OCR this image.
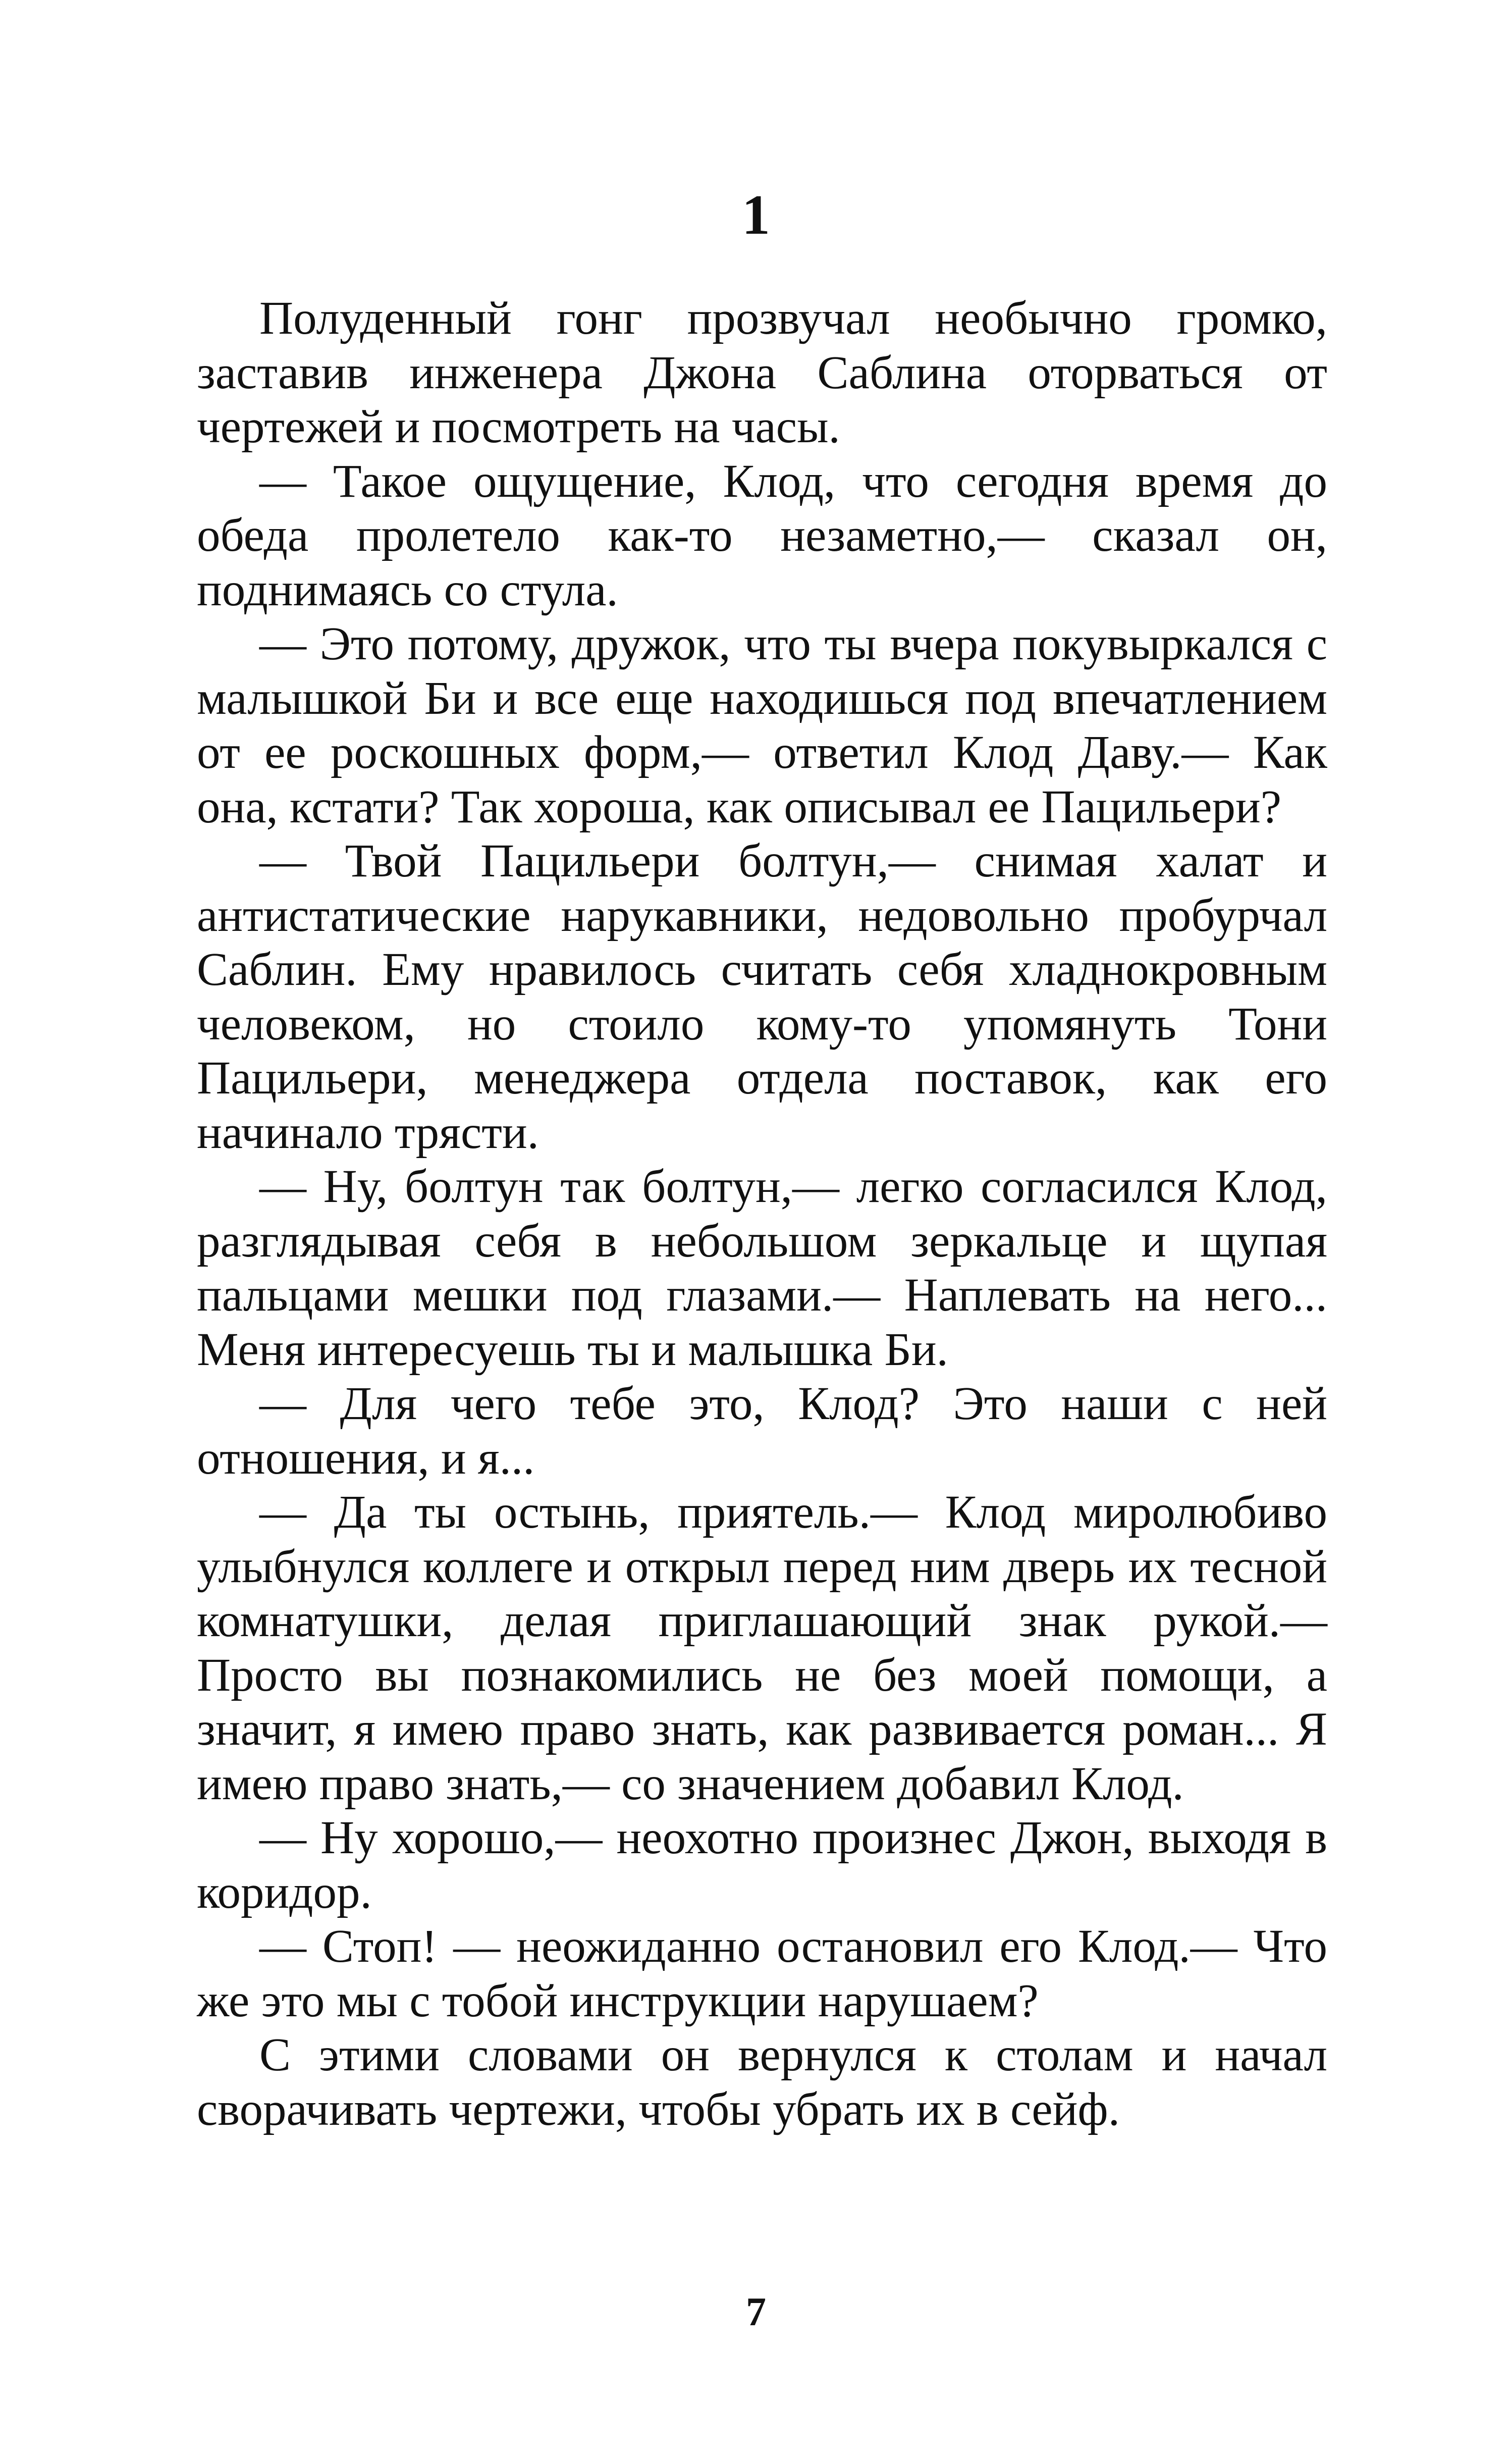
1

Полуденный гонг прозвучал необычно громко, заставив инженера Джона Саблина оторваться от чертежей и посмотреть на часы.

— Такое ощущение, Клод, что сегодня время до обеда пролетело как-то незаметно,— сказал он, поднимаясь со стула.

— Это потому, дружок, что ты вчера покувыркался с малышкой Би и все еще находишься под впечатлением от ее роскошных форм,— ответил Клод Даву.— Как она, кстати? Так хороша, как описывал ее Пацильери?

— Твой Пацильери болтун,— снимая халат и антистатические нарукавники, недовольно пробурчал Саблин. Ему нравилось считать себя хладнокровным человеком, но стоило кому-то упомянуть Тони Пацильери, менеджера отдела поставок, как его начинало трясти.

— Ну, болтун так болтун,— легко согласился Клод, разглядывая себя в небольшом зеркальце и щупая пальцами мешки под глазами.— Наплевать на него... Меня интересуешь ты и малышка Би.

— Для чего тебе это, Клод? Это наши с ней отношения, и я...

— Да ты остынь, приятель.— Клод миролюбиво улыбнулся коллеге и открыл перед ним дверь их тесной комнатушки, делая приглашающий знак рукой.— Просто вы познакомились не без моей помощи, а значит, я имею право знать, как развивается роман... Я имею право знать,— со значением добавил Клод.

— Ну хорошо,— неохотно произнес Джон, выходя в коридор.

— Стоп! — неожиданно остановил его Клод.— Что же это мы с тобой инструкции нарушаем?

С этими словами он вернулся к столам и начал сворачивать чертежи, чтобы убрать их в сейф.

7
